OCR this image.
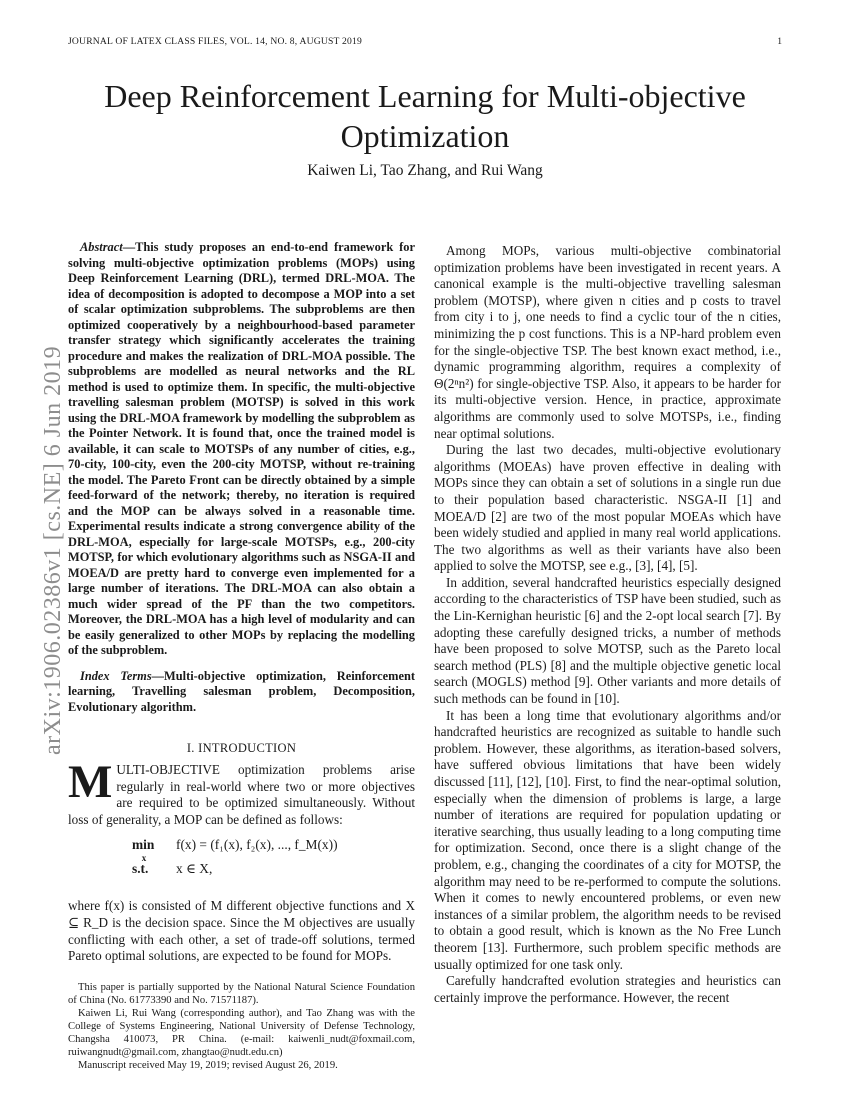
JOURNAL OF L⁠ATEX CLASS FILES, VOL. 14, NO. 8, AUGUST 2019	1
arXiv:1906.02386v1 [cs.NE] 6 Jun 2019
Deep Reinforcement Learning for Multi-objective Optimization
Kaiwen Li, Tao Zhang, and Rui Wang

Abstract—This study proposes an end-to-end framework for solving multi-objective optimization problems (MOPs) using Deep Reinforcement Learning (DRL), termed DRL-MOA. The idea of decomposition is adopted to decompose a MOP into a set of scalar optimization subproblems. The subproblems are then optimized cooperatively by a neighbourhood-based parameter transfer strategy which significantly accelerates the training procedure and makes the realization of DRL-MOA possible. The subproblems are modelled as neural networks and the RL method is used to optimize them. In specific, the multi-objective travelling salesman problem (MOTSP) is solved in this work using the DRL-MOA framework by modelling the subproblem as the Pointer Network. It is found that, once the trained model is available, it can scale to MOTSPs of any number of cities, e.g., 70-city, 100-city, even the 200-city MOTSP, without re-training the model. The Pareto Front can be directly obtained by a simple feed-forward of the network; thereby, no iteration is required and the MOP can be always solved in a reasonable time. Experimental results indicate a strong convergence ability of the DRL-MOA, especially for large-scale MOTSPs, e.g., 200-city MOTSP, for which evolutionary algorithms such as NSGA-II and MOEA/D are pretty hard to converge even implemented for a large number of iterations. The DRL-MOA can also obtain a much wider spread of the PF than the two competitors. Moreover, the DRL-MOA has a high level of modularity and can be easily generalized to other MOPs by replacing the modelling of the subproblem.

Index Terms—Multi-objective optimization, Reinforcement learning, Travelling salesman problem, Decomposition, Evolutionary algorithm.

I. INTRODUCTION

MULTI-OBJECTIVE optimization problems arise regularly in real-world where two or more objectives are required to be optimized simultaneously. Without loss of generality, a MOP can be defined as follows:

min
x
f(x) = (f₁(x), f₂(x), ..., f_M(x))
s.t.	x ∈ X,

where f(x) is consisted of M different objective functions and X ⊆ R_D is the decision space. Since the M objectives are usually conflicting with each other, a set of trade-off solutions, termed Pareto optimal solutions, are expected to be found for MOPs.

This paper is partially supported by the National Natural Science Foundation of China (No. 61773390 and No. 71571187).

Kaiwen Li, Rui Wang (corresponding author), and Tao Zhang was with the College of Systems Engineering, National University of Defense Technology, Changsha 410073, PR China. (e-mail: kaiwenli_nudt@foxmail.com, ruiwangnudt@gmail.com, zhangtao@nudt.edu.cn)

Manuscript received May 19, 2019; revised August 26, 2019.

Among MOPs, various multi-objective combinatorial optimization problems have been investigated in recent years. A canonical example is the multi-objective travelling salesman problem (MOTSP), where given n cities and p costs to travel from city i to j, one needs to find a cyclic tour of the n cities, minimizing the p cost functions. This is a NP-hard problem even for the single-objective TSP. The best known exact method, i.e., dynamic programming algorithm, requires a complexity of Θ(2ⁿn²) for single-objective TSP. Also, it appears to be harder for its multi-objective version. Hence, in practice, approximate algorithms are commonly used to solve MOTSPs, i.e., finding near optimal solutions.

During the last two decades, multi-objective evolutionary algorithms (MOEAs) have proven effective in dealing with MOPs since they can obtain a set of solutions in a single run due to their population based characteristic. NSGA-II [1] and MOEA/D [2] are two of the most popular MOEAs which have been widely studied and applied in many real world applications. The two algorithms as well as their variants have also been applied to solve the MOTSP, see e.g., [3], [4], [5].

In addition, several handcrafted heuristics especially designed according to the characteristics of TSP have been studied, such as the Lin-Kernighan heuristic [6] and the 2-opt local search [7]. By adopting these carefully designed tricks, a number of methods have been proposed to solve MOTSP, such as the Pareto local search method (PLS) [8] and the multiple objective genetic local search (MOGLS) method [9]. Other variants and more details of such methods can be found in [10].

It has been a long time that evolutionary algorithms and/or handcrafted heuristics are recognized as suitable to handle such problem. However, these algorithms, as iteration-based solvers, have suffered obvious limitations that have been widely discussed [11], [12], [10]. First, to find the near-optimal solution, especially when the dimension of problems is large, a large number of iterations are required for population updating or iterative searching, thus usually leading to a long computing time for optimization. Second, once there is a slight change of the problem, e.g., changing the coordinates of a city for MOTSP, the algorithm may need to be re-performed to compute the solutions. When it comes to newly encountered problems, or even new instances of a similar problem, the algorithm needs to be revised to obtain a good result, which is known as the No Free Lunch theorem [13]. Furthermore, such problem specific methods are usually optimized for one task only.

Carefully handcrafted evolution strategies and heuristics can certainly improve the performance. However, the recent
